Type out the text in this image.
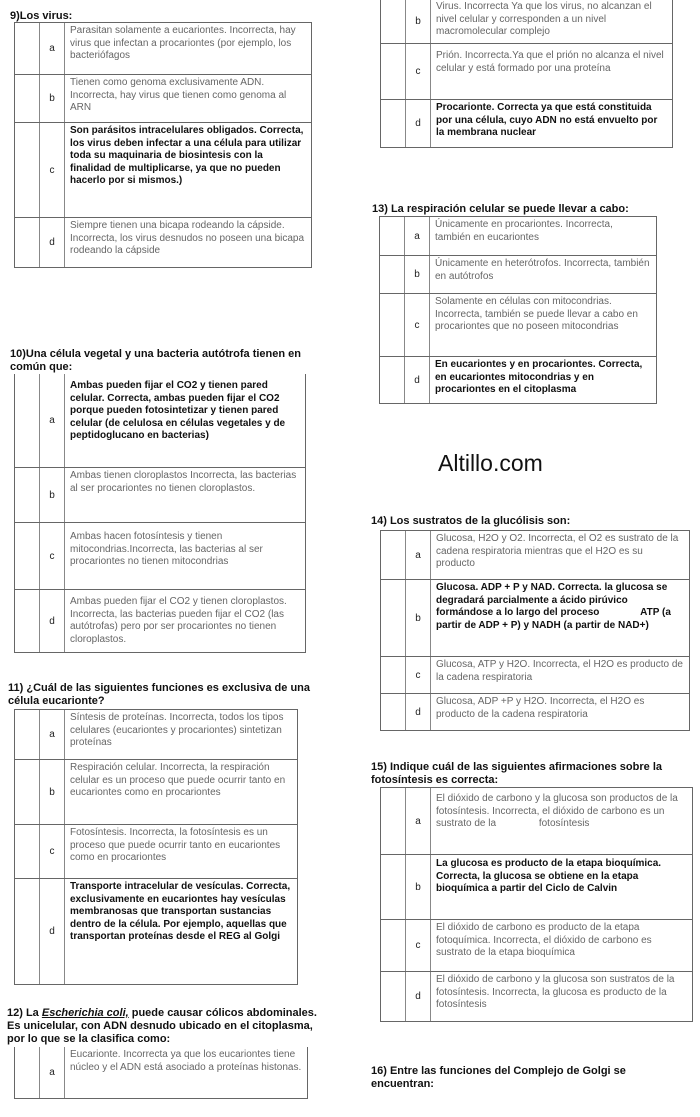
9)Los virus:
a
Parasitan solamente a eucariontes. Incorrecta, hay virus que infectan a procariontes (por ejemplo, los bacteriófagos
b
Tienen como genoma exclusivamente ADN. Incorrecta, hay virus que tienen como genoma al ARN
c
Son parásitos intracelulares obligados. Correcta, los virus deben infectar a una célula para utilizar toda su maquinaria de biosintesis con la finalidad de multiplicarse, ya que no pueden hacerlo por si mismos.)
d
Siempre tienen una bicapa rodeando la cápside. Incorrecta, los virus desnudos no poseen una bicapa rodeando la cápside
10)Una célula vegetal y una bacteria autótrofa tienen en común que:
a
Ambas pueden fijar el CO2 y tienen pared celular. Correcta, ambas pueden fijar el CO2 porque pueden fotosintetizar y tienen pared celular (de celulosa en células vegetales y de peptidoglucano en bacterias)
b
Ambas tienen cloroplastos Incorrecta, las bacterias al ser procariontes no tienen cloroplastos.
c
Ambas hacen fotosíntesis y tienen mitocondrias.Incorrecta, las bacterias al ser procariontes no tienen mitocondrias
d
Ambas pueden fijar el CO2 y tienen cloroplastos. Incorrecta, las bacterias pueden fijar el CO2 (las autótrofas) pero por ser procariontes no tienen cloroplastos.
11) ¿Cuál de las siguientes funciones es exclusiva de una célula eucarionte?
a
Síntesis de proteínas. Incorrecta, todos los tipos celulares (eucariontes y procariontes) sintetizan proteínas
b
Respiración celular. Incorrecta, la respiración celular es un proceso que puede ocurrir tanto en eucariontes como en procariontes
c
Fotosíntesis. Incorrecta, la fotosíntesis es un proceso que puede ocurrir tanto en eucariontes como en procariontes
d
Transporte intracelular de vesículas. Correcta, exclusivamente en eucariontes hay vesículas membranosas que transportan sustancias dentro de la célula. Por ejemplo, aquellas que transportan proteínas desde el REG al Golgi
12) La Escherichia coli, puede causar cólicos abdominales. Es unicelular, con ADN desnudo ubicado en el citoplasma, por lo que se la clasifica como:
a
Eucarionte. Incorrecta ya que los eucariontes tiene núcleo y el ADN está asociado a proteínas histonas.
b
Virus. Incorrecta Ya que los virus, no alcanzan el nivel celular y corresponden a un nivel macromolecular complejo
c
Prión. Incorrecta.Ya que el prión no alcanza el nivel celular y está formado por una proteína
d
Procarionte. Correcta ya que está constituida por una célula, cuyo ADN no está envuelto por la membrana nuclear
13) La respiración celular se puede llevar a cabo:
a
Únicamente en procariontes. Incorrecta, también en eucariontes
b
Únicamente en heterótrofos. Incorrecta, también en autótrofos
c
Solamente en células con mitocondrias. Incorrecta, también se puede llevar a cabo en procariontes que no poseen mitocondrias
d
En eucariontes y en procariontes. Correcta, en eucariontes mitocondrias y en procariontes en el citoplasma
Altillo.com
14) Los sustratos de la glucólisis son:
a
Glucosa, H2O y O2. Incorrecta, el O2 es sustrato de la cadena respiratoria mientras que el H2O es su producto
b
Glucosa. ADP + P y NAD. Correcta. la glucosa se degradará parcialmente a ácido pirúvico formándose a lo largo del proceso	ATP (a partir de ADP + P) y NADH (a partir de NAD+)
c
Glucosa, ATP y H2O. Incorrecta, el H2O es producto de la cadena respiratoria
d
Glucosa, ADP +P y H2O. Incorrecta, el H2O es producto de la cadena respiratoria
15) Indique cuál de las siguientes afirmaciones sobre la fotosíntesis es correcta:
a
El dióxido de carbono y la glucosa son productos de la fotosíntesis. Incorrecta, el dióxido de carbono es un sustrato de la	fotosíntesis
b
La glucosa es producto de la etapa bioquímica. Correcta, la glucosa se obtiene en la etapa bioquímica a partir del Ciclo de Calvin
c
El dióxido de carbono es producto de la etapa fotoquímica. Incorrecta, el dióxido de carbono es sustrato de la etapa bioquímica
d
El dióxido de carbono y la glucosa son sustratos de la fotosíntesis. Incorrecta, la glucosa es producto de la fotosíntesis
16) Entre las funciones del Complejo de Golgi se encuentran:
